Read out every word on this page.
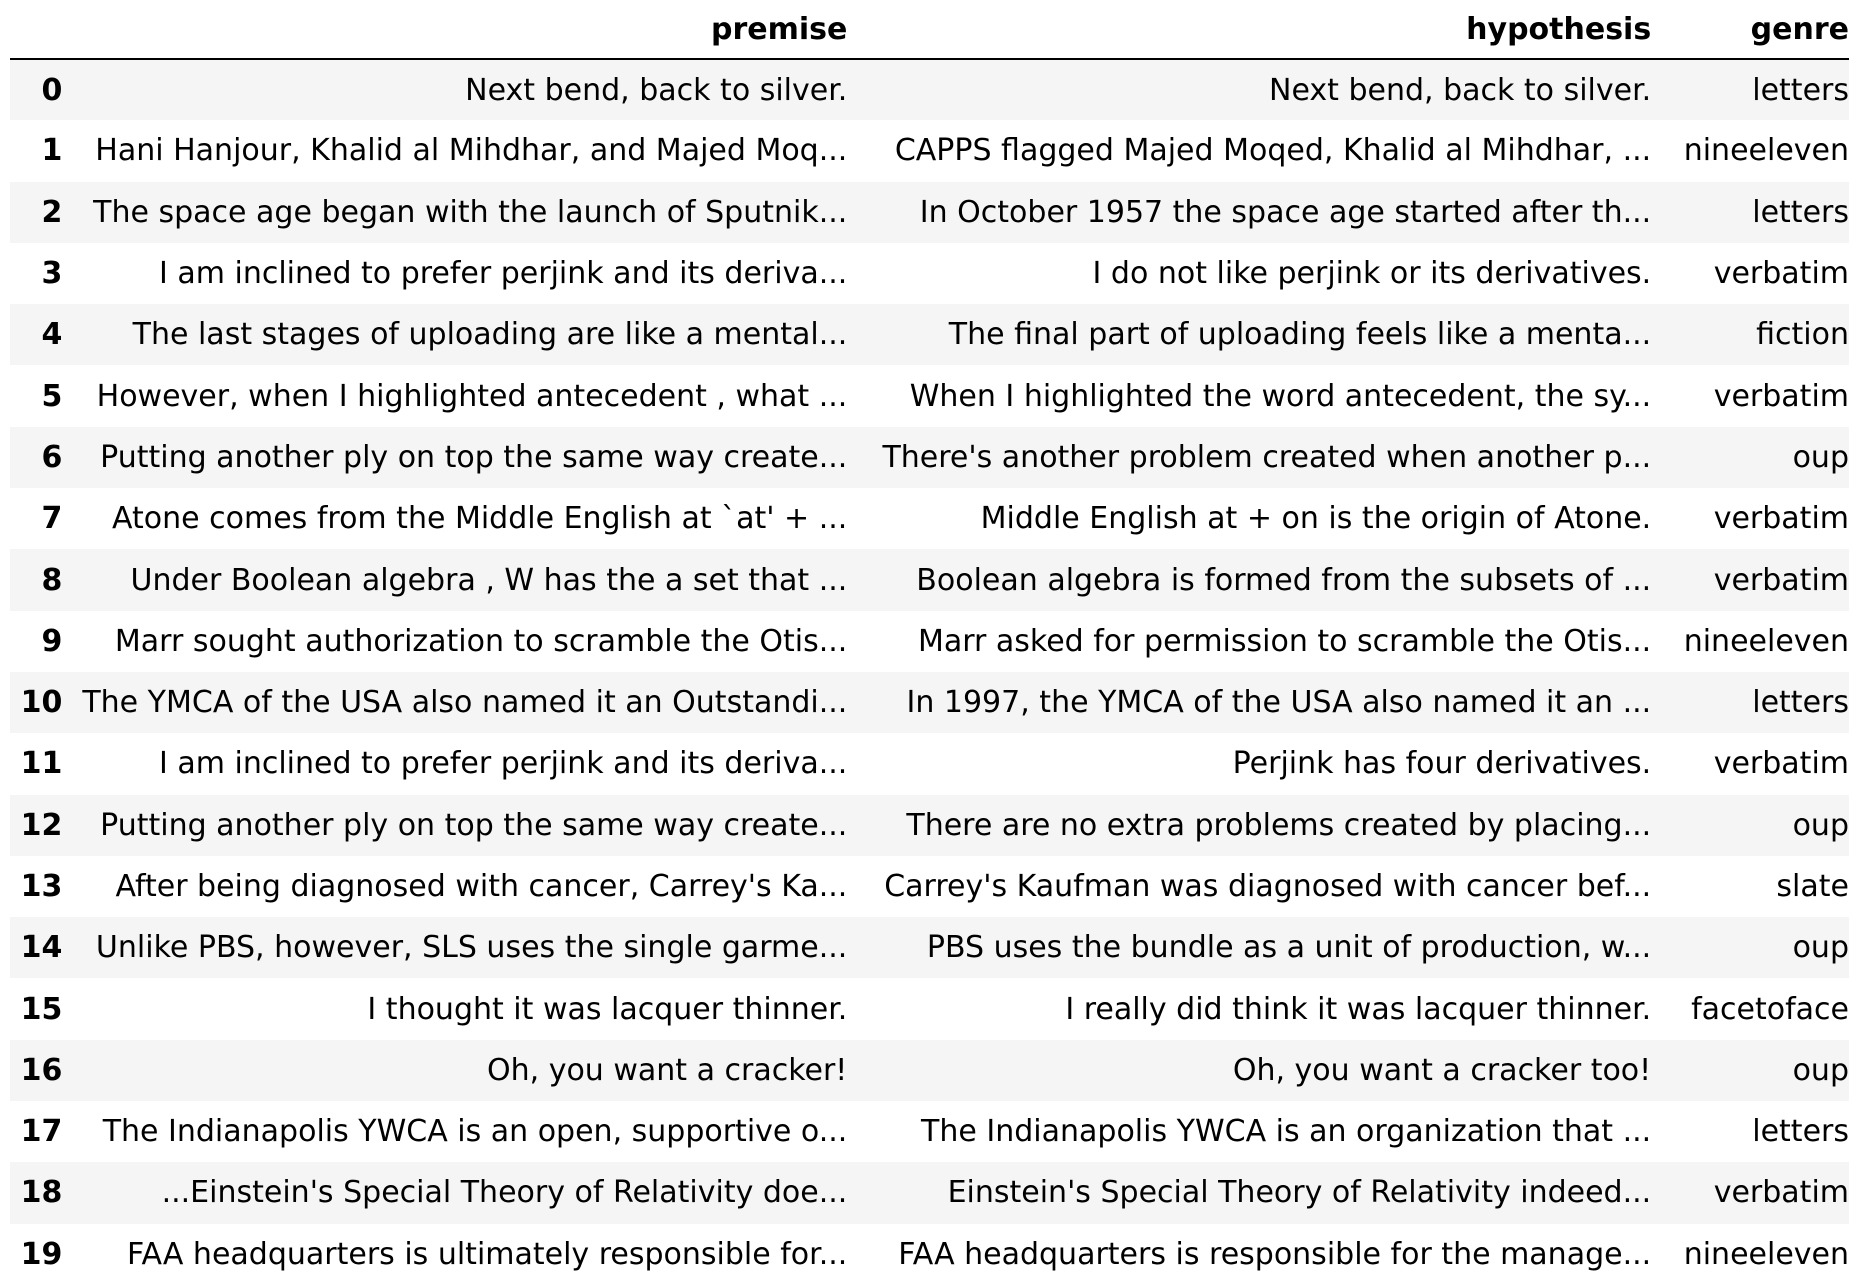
	premise	hypothesis	genre
0	Next bend, back to silver.	Next bend, back to silver.	letters
1	Hani Hanjour, Khalid al Mihdhar, and Majed Moq...	CAPPS flagged Majed Moqed, Khalid al Mihdhar, ...	nineeleven
2	The space age began with the launch of Sputnik...	In October 1957 the space age started after th...	letters
3	I am inclined to prefer perjink and its deriva...	I do not like perjink or its derivatives.	verbatim
4	The last stages of uploading are like a mental...	The final part of uploading feels like a menta...	fiction
5	However, when I highlighted antecedent , what ...	When I highlighted the word antecedent, the sy...	verbatim
6	Putting another ply on top the same way create...	There's another problem created when another p...	oup
7	Atone comes from the Middle English at `at' + ...	Middle English at + on is the origin of Atone.	verbatim
8	Under Boolean algebra , W has the a set that ...	Boolean algebra is formed from the subsets of ...	verbatim
9	Marr sought authorization to scramble the Otis...	Marr asked for permission to scramble the Otis...	nineeleven
10	The YMCA of the USA also named it an Outstandi...	In 1997, the YMCA of the USA also named it an ...	letters
11	I am inclined to prefer perjink and its deriva...	Perjink has four derivatives.	verbatim
12	Putting another ply on top the same way create...	There are no extra problems created by placing...	oup
13	After being diagnosed with cancer, Carrey's Ka...	Carrey's Kaufman was diagnosed with cancer bef...	slate
14	Unlike PBS, however, SLS uses the single garme...	PBS uses the bundle as a unit of production, w...	oup
15	I thought it was lacquer thinner.	I really did think it was lacquer thinner.	facetoface
16	Oh, you want a cracker!	Oh, you want a cracker too!	oup
17	The Indianapolis YWCA is an open, supportive o...	The Indianapolis YWCA is an organization that ...	letters
18	...Einstein's Special Theory of Relativity doe...	Einstein's Special Theory of Relativity indeed...	verbatim
19	FAA headquarters is ultimately responsible for...	FAA headquarters is responsible for the manage...	nineeleven
